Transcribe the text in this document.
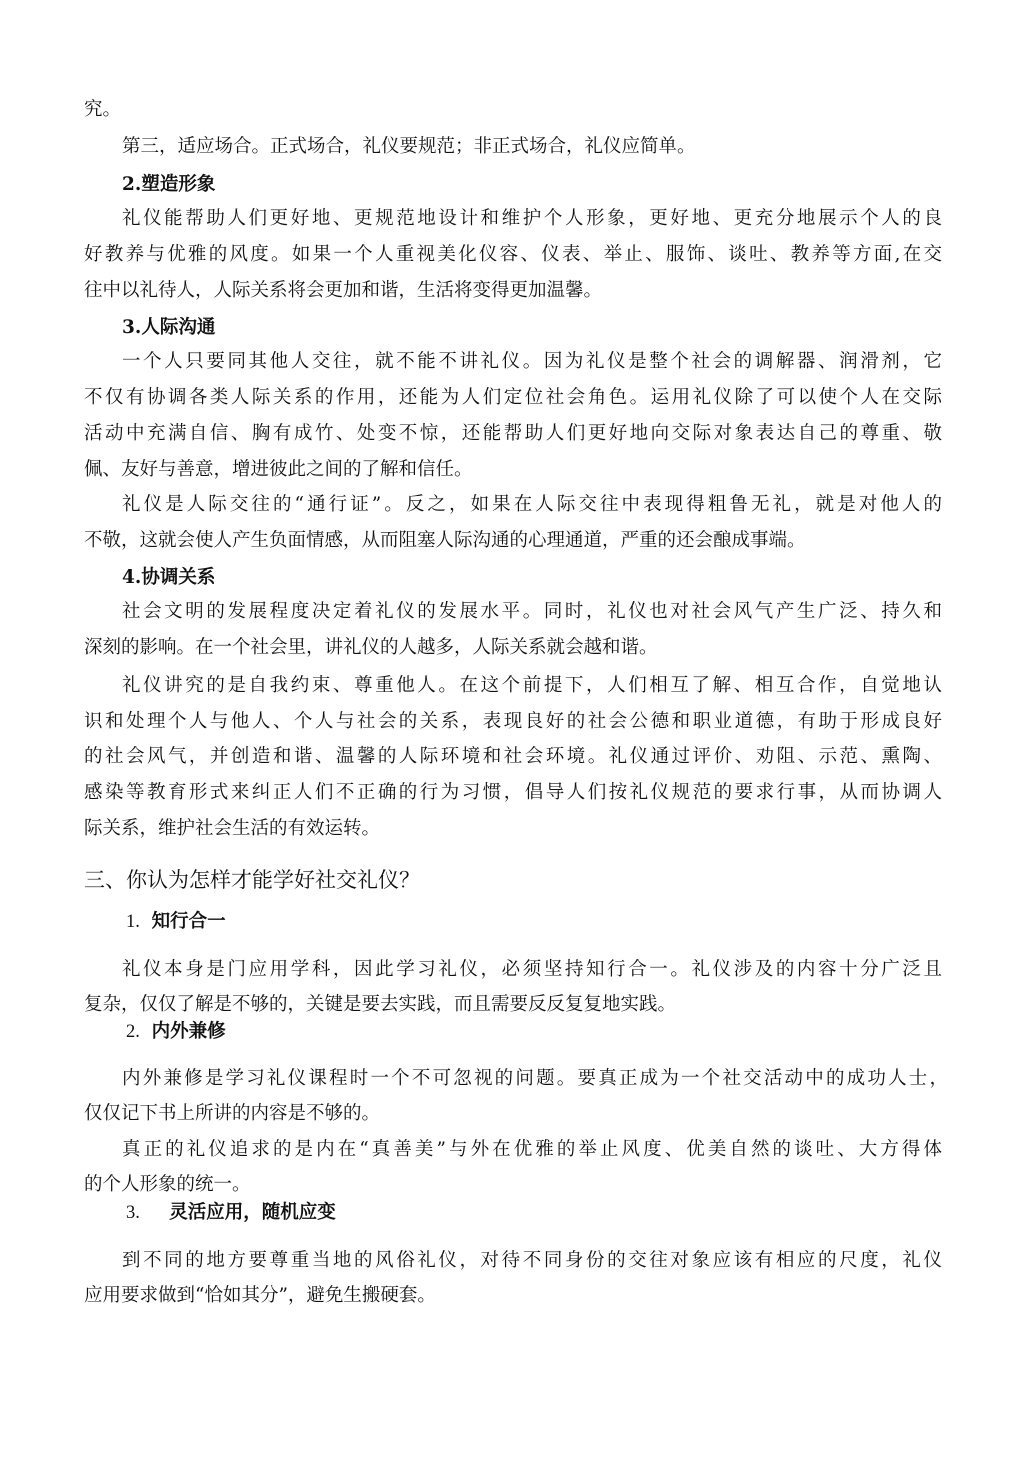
究。
第三，适应场合。正式场合，礼仪要规范；非正式场合，礼仪应简单。
2.塑造形象
礼仪能帮助人们更好地、更规范地设计和维护个人形象，更好地、更充分地展示个人的良
好教养与优雅的风度。如果一个人重视美化仪容、仪表、举止、服饰、谈吐、教养等方面,在交
往中以礼待人，人际关系将会更加和谐，生活将变得更加温馨。
3.人际沟通
一个人只要同其他人交往，就不能不讲礼仪。因为礼仪是整个社会的调解器、润滑剂，它
不仅有协调各类人际关系的作用，还能为人们定位社会角色。运用礼仪除了可以使个人在交际
活动中充满自信、胸有成竹、处变不惊，还能帮助人们更好地向交际对象表达自己的尊重、敬
佩、友好与善意，增进彼此之间的了解和信任。
礼仪是人际交往的“通行证”。反之，如果在人际交往中表现得粗鲁无礼，就是对他人的
不敬，这就会使人产生负面情感，从而阻塞人际沟通的心理通道，严重的还会酿成事端。
4.协调关系
社会文明的发展程度决定着礼仪的发展水平。同时，礼仪也对社会风气产生广泛、持久和
深刻的影响。在一个社会里，讲礼仪的人越多，人际关系就会越和谐。
礼仪讲究的是自我约束、尊重他人。在这个前提下，人们相互了解、相互合作，自觉地认
识和处理个人与他人、个人与社会的关系，表现良好的社会公德和职业道德，有助于形成良好
的社会风气，并创造和谐、温馨的人际环境和社会环境。礼仪通过评价、劝阻、示范、熏陶、
感染等教育形式来纠正人们不正确的行为习惯，倡导人们按礼仪规范的要求行事，从而协调人
际关系，维护社会生活的有效运转。
三、你认为怎样才能学好社交礼仪？
1. 知行合一
礼仪本身是门应用学科，因此学习礼仪，必须坚持知行合一。礼仪涉及的内容十分广泛且
复杂，仅仅了解是不够的，关键是要去实践，而且需要反反复复地实践。
2. 内外兼修
内外兼修是学习礼仪课程时一个不可忽视的问题。要真正成为一个社交活动中的成功人士，
仅仅记下书上所讲的内容是不够的。
真正的礼仪追求的是内在“真善美”与外在优雅的举止风度、优美自然的谈吐、大方得体
的个人形象的统一。
3. 灵活应用，随机应变
到不同的地方要尊重当地的风俗礼仪，对待不同身份的交往对象应该有相应的尺度，礼仪
应用要求做到“恰如其分”，避免生搬硬套。
